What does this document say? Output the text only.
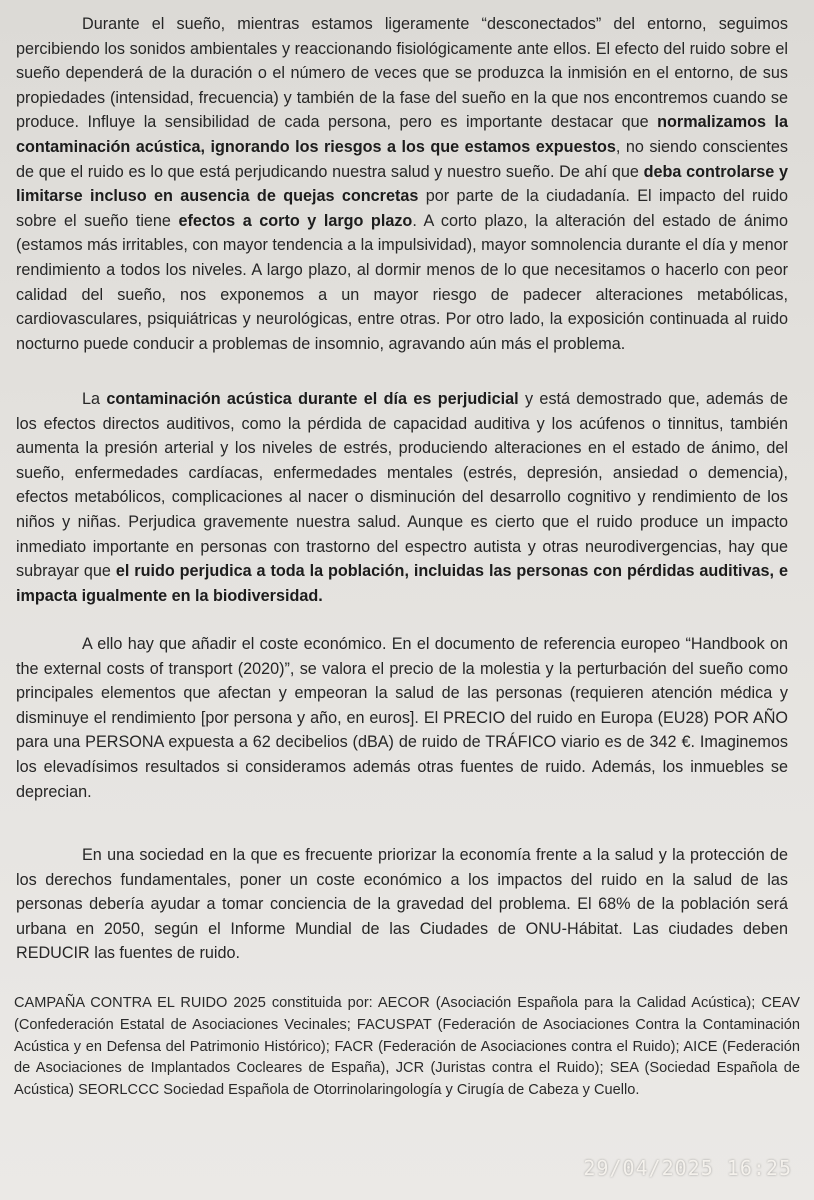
Durante el sueño, mientras estamos ligeramente “desconectados” del entorno, seguimos percibiendo los sonidos ambientales y reaccionando fisiológicamente ante ellos. El efecto del ruido sobre el sueño dependerá de la duración o el número de veces que se produzca la inmisión en el entorno, de sus propiedades (intensidad, frecuencia) y también de la fase del sueño en la que nos encontremos cuando se produce. Influye la sensibilidad de cada persona, pero es importante destacar que normalizamos la contaminación acústica, ignorando los riesgos a los que estamos expuestos, no siendo conscientes de que el ruido es lo que está perjudicando nuestra salud y nuestro sueño. De ahí que deba controlarse y limitarse incluso en ausencia de quejas concretas por parte de la ciudadanía. El impacto del ruido sobre el sueño tiene efectos a corto y largo plazo. A corto plazo, la alteración del estado de ánimo (estamos más irritables, con mayor tendencia a la impulsividad), mayor somnolencia durante el día y menor rendimiento a todos los niveles. A largo plazo, al dormir menos de lo que necesitamos o hacerlo con peor calidad del sueño, nos exponemos a un mayor riesgo de padecer alteraciones metabólicas, cardiovasculares, psiquiátricas y neurológicas, entre otras. Por otro lado, la exposición continuada al ruido nocturno puede conducir a problemas de insomnio, agravando aún más el problema.

La contaminación acústica durante el día es perjudicial y está demostrado que, además de los efectos directos auditivos, como la pérdida de capacidad auditiva y los acúfenos o tinnitus, también aumenta la presión arterial y los niveles de estrés, produciendo alteraciones en el estado de ánimo, del sueño, enfermedades cardíacas, enfermedades mentales (estrés, depresión, ansiedad o demencia), efectos metabólicos, complicaciones al nacer o disminución del desarrollo cognitivo y rendimiento de los niños y niñas. Perjudica gravemente nuestra salud. Aunque es cierto que el ruido produce un impacto inmediato importante en personas con trastorno del espectro autista y otras neurodivergencias, hay que subrayar que el ruido perjudica a toda la población, incluidas las personas con pérdidas auditivas, e impacta igualmente en la biodiversidad.

A ello hay que añadir el coste económico. En el documento de referencia europeo “Handbook on the external costs of transport (2020)”, se valora el precio de la molestia y la perturbación del sueño como principales elementos que afectan y empeoran la salud de las personas (requieren atención médica y disminuye el rendimiento [por persona y año, en euros]. El PRECIO del ruido en Europa (EU28) POR AÑO para una PERSONA expuesta a 62 decibelios (dBA) de ruido de TRÁFICO viario es de 342 €. Imaginemos los elevadísimos resultados si consideramos además otras fuentes de ruido. Además, los inmuebles se deprecian.

En una sociedad en la que es frecuente priorizar la economía frente a la salud y la protección de los derechos fundamentales, poner un coste económico a los impactos del ruido en la salud de las personas debería ayudar a tomar conciencia de la gravedad del problema. El 68% de la población será urbana en 2050, según el Informe Mundial de las Ciudades de ONU-Hábitat. Las ciudades deben REDUCIR las fuentes de ruido.

CAMPAÑA CONTRA EL RUIDO 2025 constituida por: AECOR (Asociación Española para la Calidad Acústica); CEAV (Confederación Estatal de Asociaciones Vecinales; FACUSPAT (Federación de Asociaciones Contra la Contaminación Acústica y en Defensa del Patrimonio Histórico); FACR (Federación de Asociaciones contra el Ruido); AICE (Federación de Asociaciones de Implantados Cocleares de España), JCR (Juristas contra el Ruido); SEA (Sociedad Española de Acústica) SEORLCCC Sociedad Española de Otorrinolaringología y Cirugía de Cabeza y Cuello.

29/04/2025 16:25
